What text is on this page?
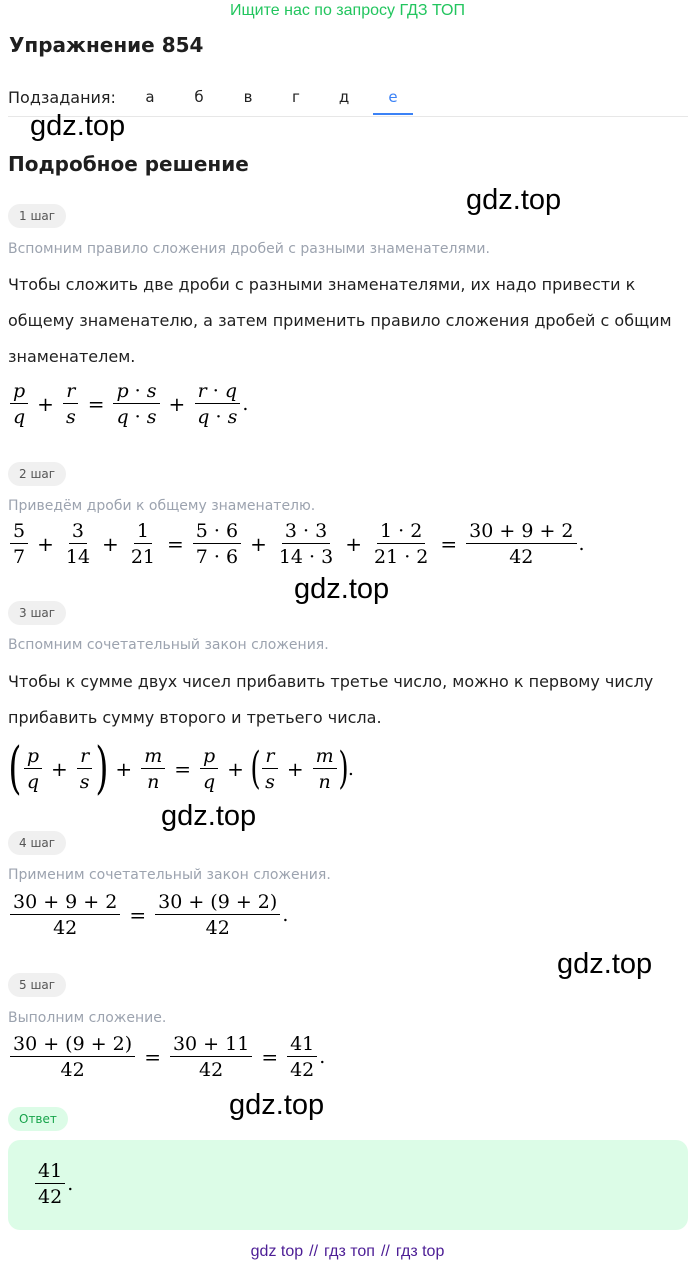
Ищите нас по запросу ГДЗ ТОП
Упражнение 854
Подзадания:	а	б	в	г	д	е
gdz.top
gdz.top
gdz.top
gdz.top
gdz.top
gdz.top
Подробное решение
1 шаг
Вспомним правило сложения дробей с разными знаменателями.
Чтобы сложить две дроби с разными знаменателями, их надо привести к
общему знаменателю, а затем применить правило сложения дробей с общим
знаменателем.
$\frac{p}{q} + \frac{r}{s} = \frac{p \cdot s}{q \cdot s} + \frac{r \cdot q}{q \cdot s}$ .
2 шаг
Приведём дроби к общему знаменателю.
$\frac{5}{7} + \frac{3}{14} + \frac{1}{21} = \frac{5 \cdot 6}{7 \cdot 6} + \frac{3 \cdot 3}{14 \cdot 3} + \frac{1 \cdot 2}{21 \cdot 2} = \frac{30 + 9 + 2}{42}$ .
3 шаг
Вспомним сочетательный закон сложения.
Чтобы к сумме двух чисел прибавить третье число, можно к первому числу
прибавить сумму второго и третьего числа.
( $\frac{p}{q} + \frac{r}{s}$ ) + $\frac{m}{n} = \frac{p}{q}$ + ( $\frac{r}{s} + \frac{m}{n}$ ) .
4 шаг
Применим сочетательный закон сложения.
$\frac{30 + 9 + 2}{42} = \frac{30 + (9 + 2)}{42}$ .
5 шаг
Выполним сложение.
$\frac{30 + (9 + 2)}{42} = \frac{30 + 11}{42} = \frac{41}{42}$ .
Ответ
$\frac{41}{42}$ .
gdz top // гдз топ // гдз top
